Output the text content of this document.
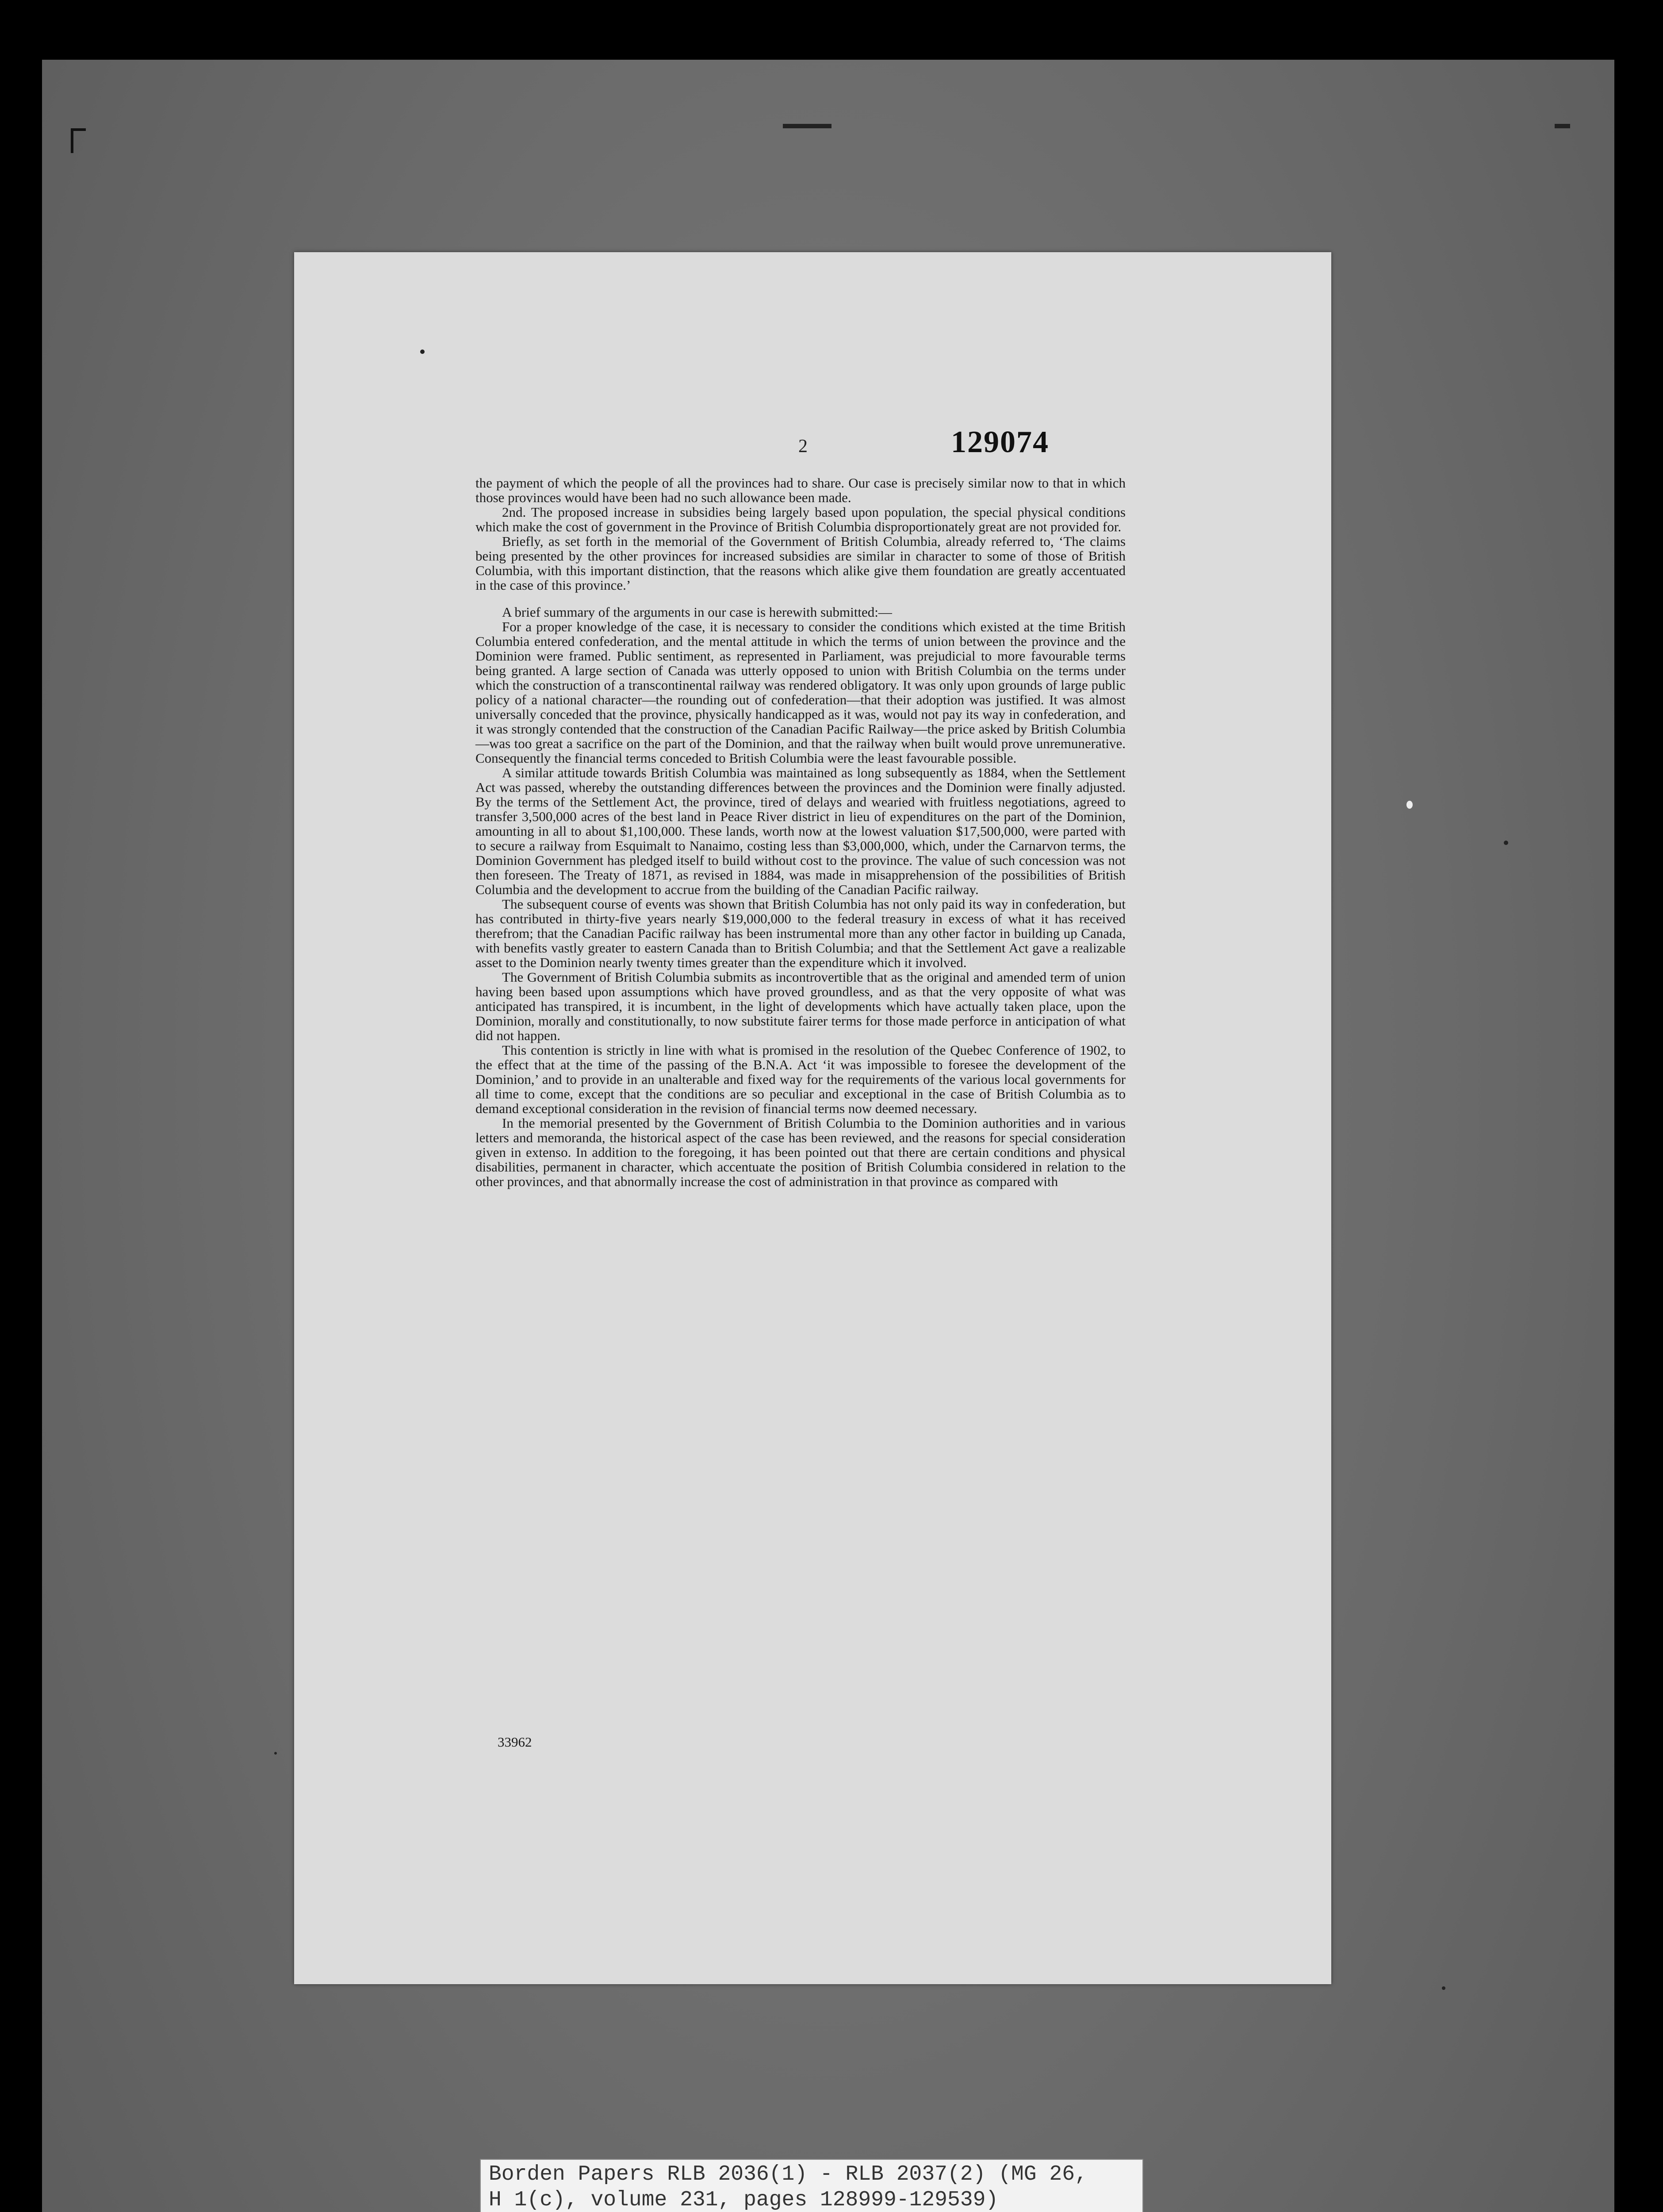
2	129074

the payment of which the people of all the provinces had to share. Our case is precisely similar now to that in which those provinces would have been had no such allowance been made.

2nd. The proposed increase in subsidies being largely based upon population, the special physical conditions which make the cost of government in the Province of British Columbia disproportionately great are not provided for.

Briefly, as set forth in the memorial of the Government of British Columbia, already referred to, ‘The claims being presented by the other provinces for increased subsidies are similar in character to some of those of British Columbia, with this important distinction, that the reasons which alike give them foundation are greatly accentuated in the case of this province.’

A brief summary of the arguments in our case is herewith submitted:—

For a proper knowledge of the case, it is necessary to consider the conditions which existed at the time British Columbia entered confederation, and the mental attitude in which the terms of union between the province and the Dominion were framed. Public sentiment, as represented in Parliament, was prejudicial to more favourable terms being granted. A large section of Canada was utterly opposed to union with British Columbia on the terms under which the construction of a transcontinental railway was rendered obligatory. It was only upon grounds of large public policy of a national character—the rounding out of confederation—that their adoption was justified. It was almost universally conceded that the province, physically handicapped as it was, would not pay its way in confederation, and it was strongly contended that the construction of the Canadian Pacific Railway—the price asked by British Columbia—was too great a sacrifice on the part of the Dominion, and that the railway when built would prove unremunerative. Consequently the financial terms conceded to British Columbia were the least favourable possible.

A similar attitude towards British Columbia was maintained as long subsequently as 1884, when the Settlement Act was passed, whereby the outstanding differences between the provinces and the Dominion were finally adjusted. By the terms of the Settlement Act, the province, tired of delays and wearied with fruitless negotiations, agreed to transfer 3,500,000 acres of the best land in Peace River district in lieu of expenditures on the part of the Dominion, amounting in all to about $1,100,000. These lands, worth now at the lowest valuation $17,500,000, were parted with to secure a railway from Esquimalt to Nanaimo, costing less than $3,000,000, which, under the Carnarvon terms, the Dominion Government has pledged itself to build without cost to the province. The value of such concession was not then foreseen. The Treaty of 1871, as revised in 1884, was made in misapprehension of the possibilities of British Columbia and the development to accrue from the building of the Canadian Pacific railway.

The subsequent course of events was shown that British Columbia has not only paid its way in confederation, but has contributed in thirty-five years nearly $19,000,000 to the federal treasury in excess of what it has received therefrom; that the Canadian Pacific railway has been instrumental more than any other factor in building up Canada, with benefits vastly greater to eastern Canada than to British Columbia; and that the Settlement Act gave a realizable asset to the Dominion nearly twenty times greater than the expenditure which it involved.

The Government of British Columbia submits as incontrovertible that as the original and amended term of union having been based upon assumptions which have proved groundless, and as that the very opposite of what was anticipated has transpired, it is incumbent, in the light of developments which have actually taken place, upon the Dominion, morally and constitutionally, to now substitute fairer terms for those made perforce in anticipation of what did not happen.

This contention is strictly in line with what is promised in the resolution of the Quebec Conference of 1902, to the effect that at the time of the passing of the B.N.A. Act ‘it was impossible to foresee the development of the Dominion,’ and to provide in an unalterable and fixed way for the requirements of the various local governments for all time to come, except that the conditions are so peculiar and exceptional in the case of British Columbia as to demand exceptional consideration in the revision of financial terms now deemed necessary.

In the memorial presented by the Government of British Columbia to the Dominion authorities and in various letters and memoranda, the historical aspect of the case has been reviewed, and the reasons for special consideration given in extenso. In addition to the foregoing, it has been pointed out that there are certain conditions and physical disabilities, permanent in character, which accentuate the position of British Columbia considered in relation to the other provinces, and that abnormally increase the cost of administration in that province as compared with

33962
Borden Papers RLB 2036(1) - RLB 2037(2) (MG 26,
H 1(c), volume 231, pages 128999-129539)
